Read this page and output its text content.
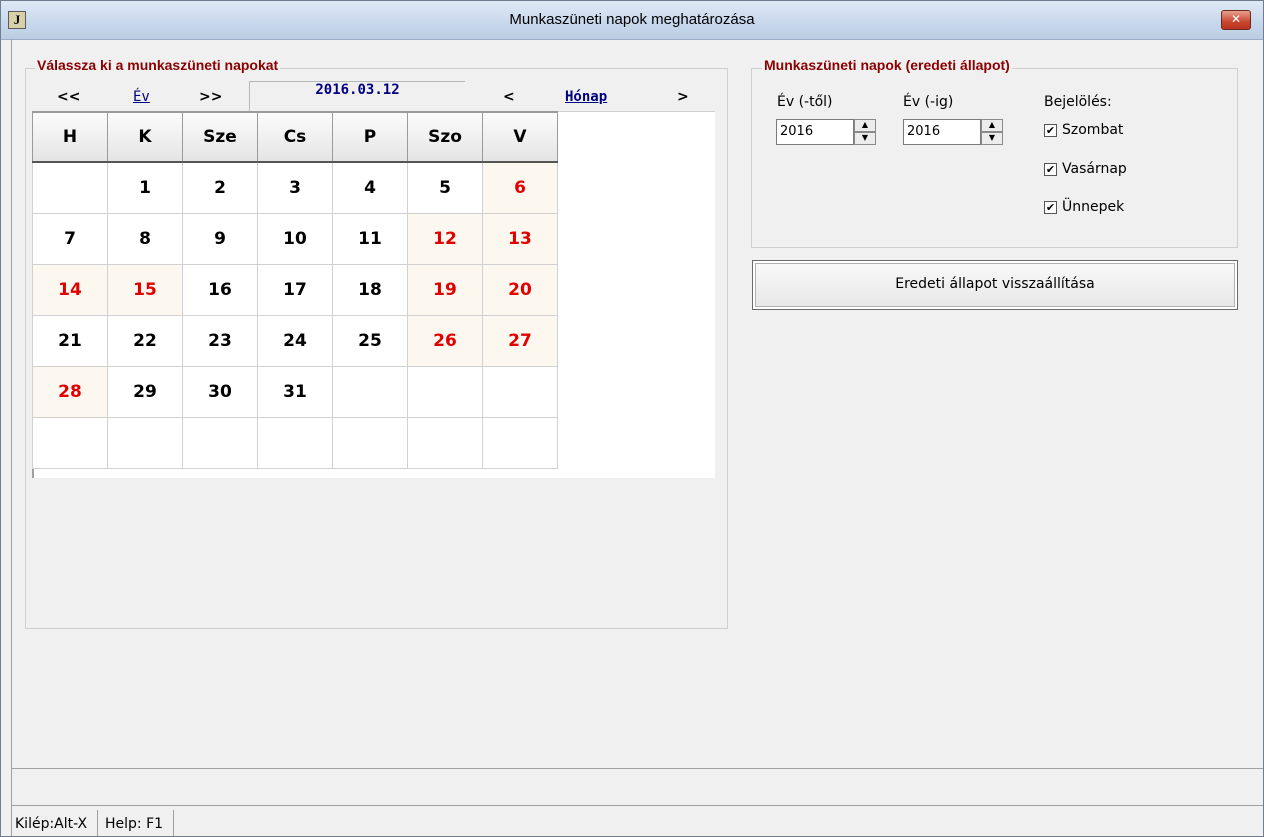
J	Munkaszüneti napok meghatározása	✕
Válassza ki a munkaszüneti napokat
<<	Év	>>	2016.03.12	<	Hónap	>
H	K	Sze	Cs	P	Szo	V
	1	2	3	4	5	6
7	8	9	10	11	12	13
14	15	16	17	18	19	20
21	22	23	24	25	26	27
28	29	30	31			

Munkaszüneti napok (eredeti állapot)
Év (-től)
2016	▲
▼
Év (-ig)
2016	▲
▼
Bejelölés:
✔ Szombat
✔ Vasárnap
✔ Ünnepek
Eredeti állapot visszaállítása
Kilép:Alt-X Help: F1
